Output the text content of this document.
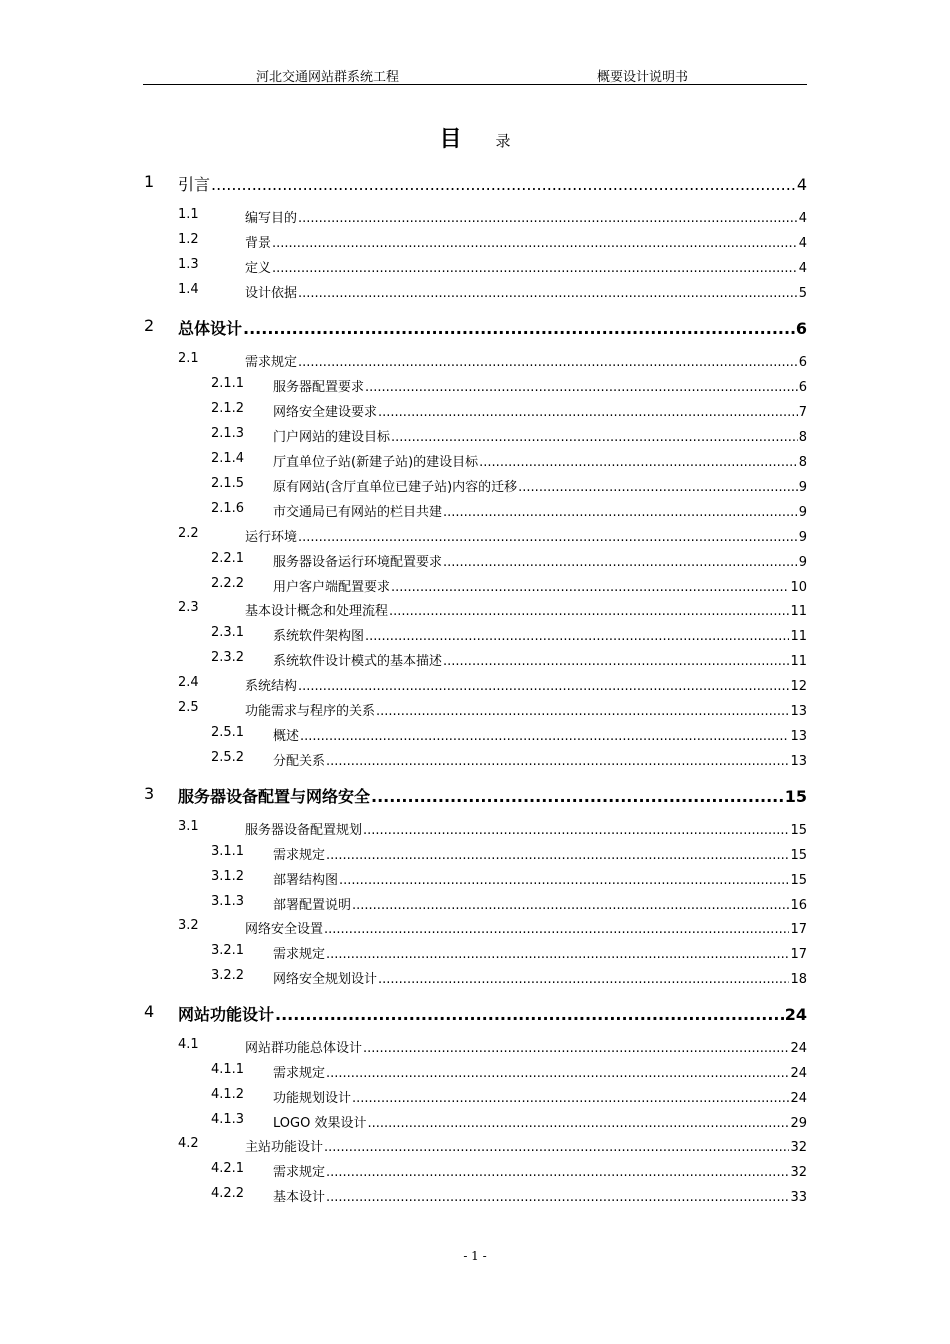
河北交通网站群系统工程	概要设计说明书
目 录
1 引言 .....	4
1.1	编写目的 .....	4
1.2	背景 .....	4
1.3	定义 .....	4
1.4	设计依据 .....	5
2 总体设计 .....	6
2.1	需求规定 .....	6
2.1.1 服务器配置要求 .....	6
2.1.2 网络安全建设要求 .....	7
2.1.3 门户网站的建设目标 .....	8
2.1.4 厅直单位子站(新建子站)的建设目标 .....	8
2.1.5 原有网站(含厅直单位已建子站)内容的迁移 .....	9
2.1.6 市交通局已有网站的栏目共建 .....	9
2.2	运行环境 .....	9
2.2.1 服务器设备运行环境配置要求 .....	9
2.2.2 用户客户端配置要求 .....	10
2.3	基本设计概念和处理流程 .....	11
2.3.1 系统软件架构图 .....	11
2.3.2 系统软件设计模式的基本描述 .....	11
2.4	系统结构 .....	12
2.5	功能需求与程序的关系 .....	13
2.5.1 概述 .....	13
2.5.2 分配关系 .....	13
3 服务器设备配置与网络安全 .....	15
3.1	服务器设备配置规划 .....	15
3.1.1 需求规定 .....	15
3.1.2 部署结构图 .....	15
3.1.3 部署配置说明 .....	16
3.2	网络安全设置 .....	17
3.2.1 需求规定 .....	17
3.2.2 网络安全规划设计 .....	18
4 网站功能设计 .....	24
4.1	网站群功能总体设计 .....	24
4.1.1 需求规定 .....	24
4.1.2 功能规划设计 .....	24
4.1.3 LOGO 效果设计 .....	29
4.2	主站功能设计 .....	32
4.2.1 需求规定 .....	32
4.2.2 基本设计 .....	33
- 1 -
